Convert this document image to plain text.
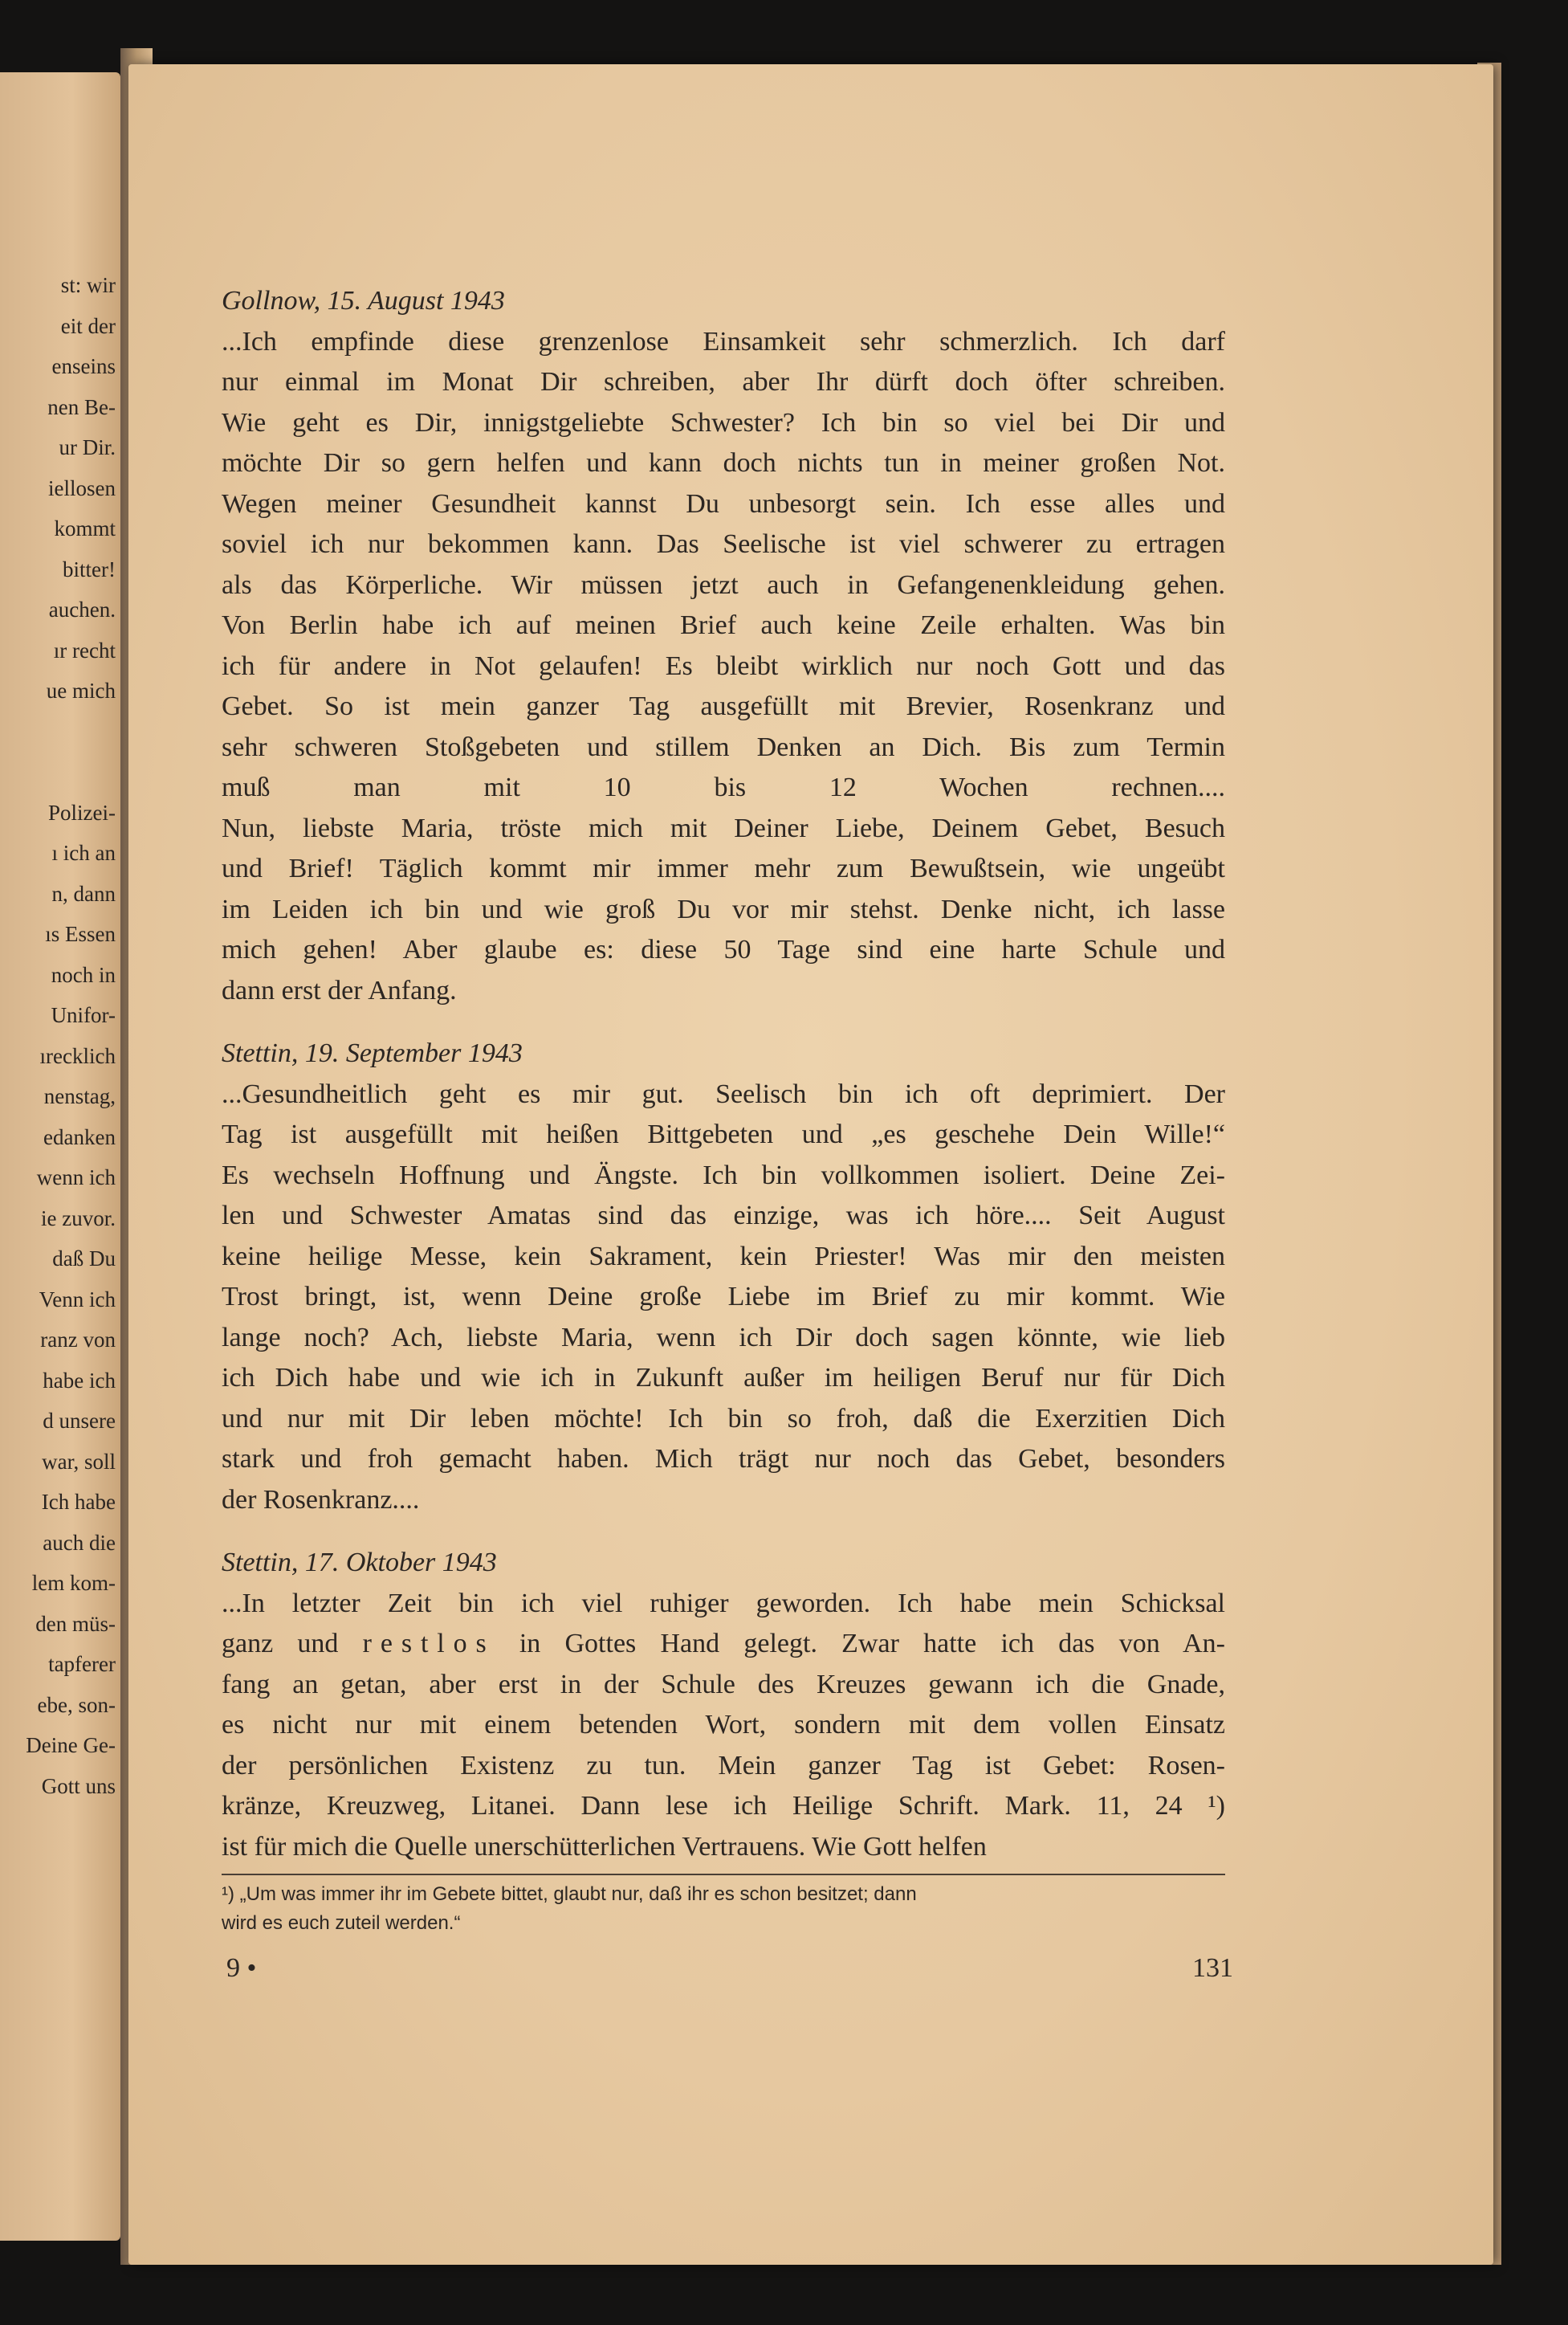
st: wir
eit der
enseins
nen Be-
ur Dir.
iellosen
kommt
bitter!
auchen.
ır recht
ue mich
Polizei-
ı ich an
n, dann
ıs Essen
noch in
Unifor-
ırecklich
nenstag,
edanken
wenn ich
ie zuvor.
daß Du
Venn ich
ranz von
habe ich
d unsere
war, soll
Ich habe
auch die
lem kom-
den müs-
tapferer
ebe, son-
Deine Ge-
Gott uns
Gollnow, 15. August 1943
...Ich empfinde diese grenzenlose Einsamkeit sehr schmerzlich. Ich darf
nur einmal im Monat Dir schreiben, aber Ihr dürft doch öfter schreiben.
Wie geht es Dir, innigstgeliebte Schwester? Ich bin so viel bei Dir und
möchte Dir so gern helfen und kann doch nichts tun in meiner großen Not.
Wegen meiner Gesundheit kannst Du unbesorgt sein. Ich esse alles und
soviel ich nur bekommen kann. Das Seelische ist viel schwerer zu ertragen
als das Körperliche. Wir müssen jetzt auch in Gefangenenkleidung gehen.
Von Berlin habe ich auf meinen Brief auch keine Zeile erhalten. Was bin
ich für andere in Not gelaufen! Es bleibt wirklich nur noch Gott und das
Gebet. So ist mein ganzer Tag ausgefüllt mit Brevier, Rosenkranz und
sehr schweren Stoßgebeten und stillem Denken an Dich. Bis zum Termin
muß man mit 10 bis 12 Wochen rechnen....
Nun, liebste Maria, tröste mich mit Deiner Liebe, Deinem Gebet, Besuch
und Brief! Täglich kommt mir immer mehr zum Bewußtsein, wie ungeübt
im Leiden ich bin und wie groß Du vor mir stehst. Denke nicht, ich lasse
mich gehen! Aber glaube es: diese 50 Tage sind eine harte Schule und
dann erst der Anfang.
Stettin, 19. September 1943
...Gesundheitlich geht es mir gut. Seelisch bin ich oft deprimiert. Der
Tag ist ausgefüllt mit heißen Bittgebeten und „es geschehe Dein Wille!“
Es wechseln Hoffnung und Ängste. Ich bin vollkommen isoliert. Deine Zei-
len und Schwester Amatas sind das einzige, was ich höre.... Seit August
keine heilige Messe, kein Sakrament, kein Priester! Was mir den meisten
Trost bringt, ist, wenn Deine große Liebe im Brief zu mir kommt. Wie
lange noch? Ach, liebste Maria, wenn ich Dir doch sagen könnte, wie lieb
ich Dich habe und wie ich in Zukunft außer im heiligen Beruf nur für Dich
und nur mit Dir leben möchte! Ich bin so froh, daß die Exerzitien Dich
stark und froh gemacht haben. Mich trägt nur noch das Gebet, besonders
der Rosenkranz....
Stettin, 17. Oktober 1943
...In letzter Zeit bin ich viel ruhiger geworden. Ich habe mein Schicksal
ganz und restlos in Gottes Hand gelegt. Zwar hatte ich das von An-
fang an getan, aber erst in der Schule des Kreuzes gewann ich die Gnade,
es nicht nur mit einem betenden Wort, sondern mit dem vollen Einsatz
der persönlichen Existenz zu tun. Mein ganzer Tag ist Gebet: Rosen-
kränze, Kreuzweg, Litanei. Dann lese ich Heilige Schrift. Mark. 11, 24 ¹)
ist für mich die Quelle unerschütterlichen Vertrauens. Wie Gott helfen
¹) „Um was immer ihr im Gebete bittet, glaubt nur, daß ihr es schon besitzet; dann
wird es euch zuteil werden.“
9 •	131
